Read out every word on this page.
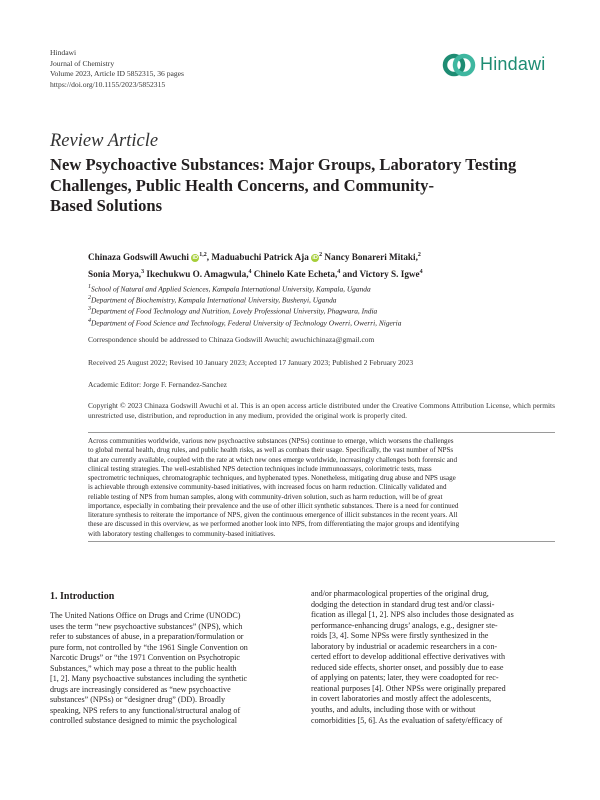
Hindawi
Journal of Chemistry
Volume 2023, Article ID 5852315, 36 pages
https://doi.org/10.1155/2023/5852315
Hindawi
Review Article
New Psychoactive Substances: Major Groups, Laboratory Testing
Challenges, Public Health Concerns, and Community-
Based Solutions
Chinaza Godswill Awuchi iD$^{1,2}$, Maduabuchi Patrick Aja $iD^2$ Nancy Bonareri Mitaki,$^2$
Sonia Morya,$^3$ Ikechukwu O. Amagwula,$^4$ Chinelo Kate Echeta,$^4$ and Victory S. Igwe$^4$
$^1$School of Natural and Applied Sciences, Kampala International University, Kampala, Uganda
$^2$Department of Biochemistry, Kampala International University, Bushenyi, Uganda
$^3$Department of Food Technology and Nutrition, Lovely Professional University, Phagwara, India
$^4$Department of Food Science and Technology, Federal University of Technology Owerri, Owerri, Nigeria
Correspondence should be addressed to Chinaza Godswill Awuchi; awuchichinaza@gmail.com
Received 25 August 2022; Revised 10 January 2023; Accepted 17 January 2023; Published 2 February 2023
Academic Editor: Jorge F. Fernandez-Sanchez
Copyright © 2023 Chinaza Godswill Awuchi et al. This is an open access article distributed under the Creative Commons Attribution License, which permits unrestricted use, distribution, and reproduction in any medium, provided the original work is properly cited.
Across communities worldwide, various new psychoactive substances (NPSs) continue to emerge, which worsens the challenges
to global mental health, drug rules, and public health risks, as well as combats their usage. Specifically, the vast number of NPSs
that are currently available, coupled with the rate at which new ones emerge worldwide, increasingly challenges both forensic and
clinical testing strategies. The well-established NPS detection techniques include immunoassays, colorimetric tests, mass
spectrometric techniques, chromatographic techniques, and hyphenated types. Nonetheless, mitigating drug abuse and NPS usage
is achievable through extensive community-based initiatives, with increased focus on harm reduction. Clinically validated and
reliable testing of NPS from human samples, along with community-driven solution, such as harm reduction, will be of great
importance, especially in combating their prevalence and the use of other illicit synthetic substances. There is a need for continued
literature synthesis to reiterate the importance of NPS, given the continuous emergence of illicit substances in the recent years. All
these are discussed in this overview, as we performed another look into NPS, from differentiating the major groups and identifying
with laboratory testing challenges to community-based initiatives.
1. Introduction
The United Nations Office on Drugs and Crime (UNODC)
uses the term “new psychoactive substances” (NPS), which
refer to substances of abuse, in a preparation/formulation or
pure form, not controlled by “the 1961 Single Convention on
Narcotic Drugs” or “the 1971 Convention on Psychotropic
Substances,” which may pose a threat to the public health
[1, 2]. Many psychoactive substances including the synthetic
drugs are increasingly considered as “new psychoactive
substances” (NPSs) or “designer drug” (DD). Broadly
speaking, NPS refers to any functional/structural analog of
controlled substance designed to mimic the psychological
and/or pharmacological properties of the original drug,
dodging the detection in standard drug test and/or classi-
fication as illegal [1, 2]. NPS also includes those designated as
performance-enhancing drugs’ analogs, e.g., designer ste-
roids [3, 4]. Some NPSs were firstly synthesized in the
laboratory by industrial or academic researchers in a con-
certed effort to develop additional effective derivatives with
reduced side effects, shorter onset, and possibly due to ease
of applying on patents; later, they were coadopted for rec-
reational purposes [4]. Other NPSs were originally prepared
in covert laboratories and mostly affect the adolescents,
youths, and adults, including those with or without
comorbidities [5, 6]. As the evaluation of safety/efficacy of
